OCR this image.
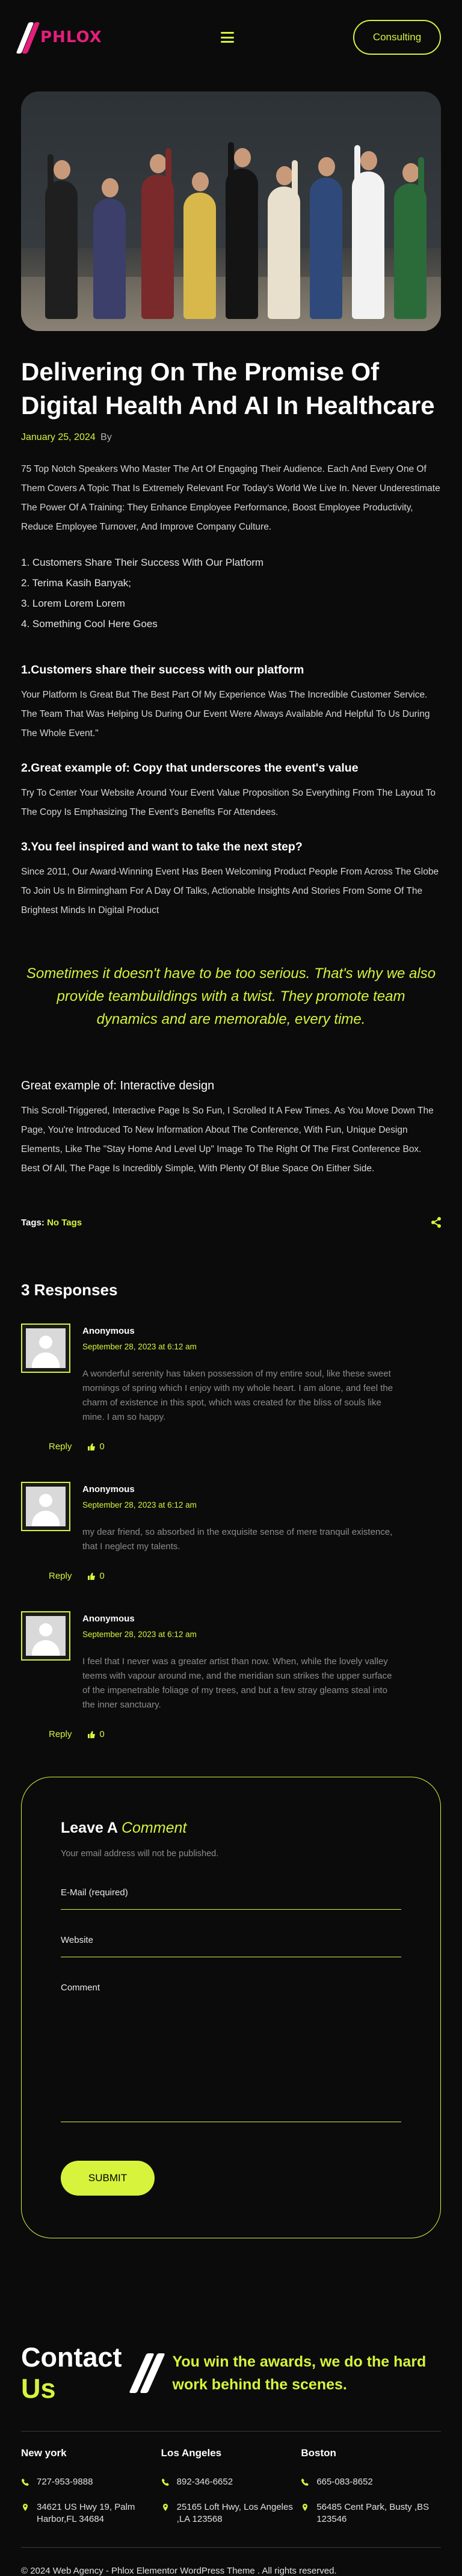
PHLOX	Consulting
Delivering On The Promise Of Digital Health And AI In Healthcare
January 25, 2024 By

75 Top Notch Speakers Who Master The Art Of Engaging Their Audience. Each And Every One Of Them Covers A Topic That Is Extremely Relevant For Today's World We Live In. Never Underestimate The Power Of A Training: They Enhance Employee Performance, Boost Employee Productivity, Reduce Employee Turnover, And Improve Company Culture.

1. Customers Share Their Success With Our Platform
2. Terima Kasih Banyak;
3. Lorem Lorem Lorem
4. Something Cool Here Goes
1.Customers share their success with our platform

Your Platform Is Great But The Best Part Of My Experience Was The Incredible Customer Service. The Team That Was Helping Us During Our Event Were Always Available And Helpful To Us During The Whole Event."

2.Great example of: Copy that underscores the event's value

Try To Center Your Website Around Your Event Value Proposition So Everything From The Layout To The Copy Is Emphasizing The Event's Benefits For Attendees.

3.You feel inspired and want to take the next step?

Since 2011, Our Award-Winning Event Has Been Welcoming Product People From Across The Globe To Join Us In Birmingham For A Day Of Talks, Actionable Insights And Stories From Some Of The Brightest Minds In Digital Product

Sometimes it doesn't have to be too serious. That's why we also provide teambuildings with a twist. They promote team dynamics and are memorable, every time.
Great example of: Interactive design

This Scroll-Triggered, Interactive Page Is So Fun, I Scrolled It A Few Times. As You Move Down The Page, You're Introduced To New Information About The Conference, With Fun, Unique Design Elements, Like The "Stay Home And Level Up" Image To The Right Of The First Conference Box. Best Of All, The Page Is Incredibly Simple, With Plenty Of Blue Space On Either Side.

Tags: No Tags
3 Responses
Anonymous
September 28, 2023 at 6:12 am

A wonderful serenity has taken possession of my entire soul, like these sweet mornings of spring which I enjoy with my whole heart. I am alone, and feel the charm of existence in this spot, which was created for the bliss of souls like mine. I am so happy.

Reply	0
Anonymous
September 28, 2023 at 6:12 am

my dear friend, so absorbed in the exquisite sense of mere tranquil existence, that I neglect my talents.

Reply	0
Anonymous
September 28, 2023 at 6:12 am

I feel that I never was a greater artist than now. When, while the lovely valley teems with vapour around me, and the meridian sun strikes the upper surface of the impenetrable foliage of my trees, and but a few stray gleams steal into the inner sanctuary.

Reply	0
Leave A Comment

Your email address will not be published.

E-Mail (required)
Website
Comment
SUBMIT
Contact Us

You win the awards, we do the hard work behind the scenes.

New york
727-953-9888
34621 US Hwy 19, Palm Harbor,FL 34684
Los Angeles
892-346-6652
25165 Loft Hwy, Los Angeles ,LA 123568
Boston
665-083-8652
56485 Cent Park, Busty ,BS 123546

© 2024 Web Agency - Phlox Elementor WordPress Theme . All rights reserved.
